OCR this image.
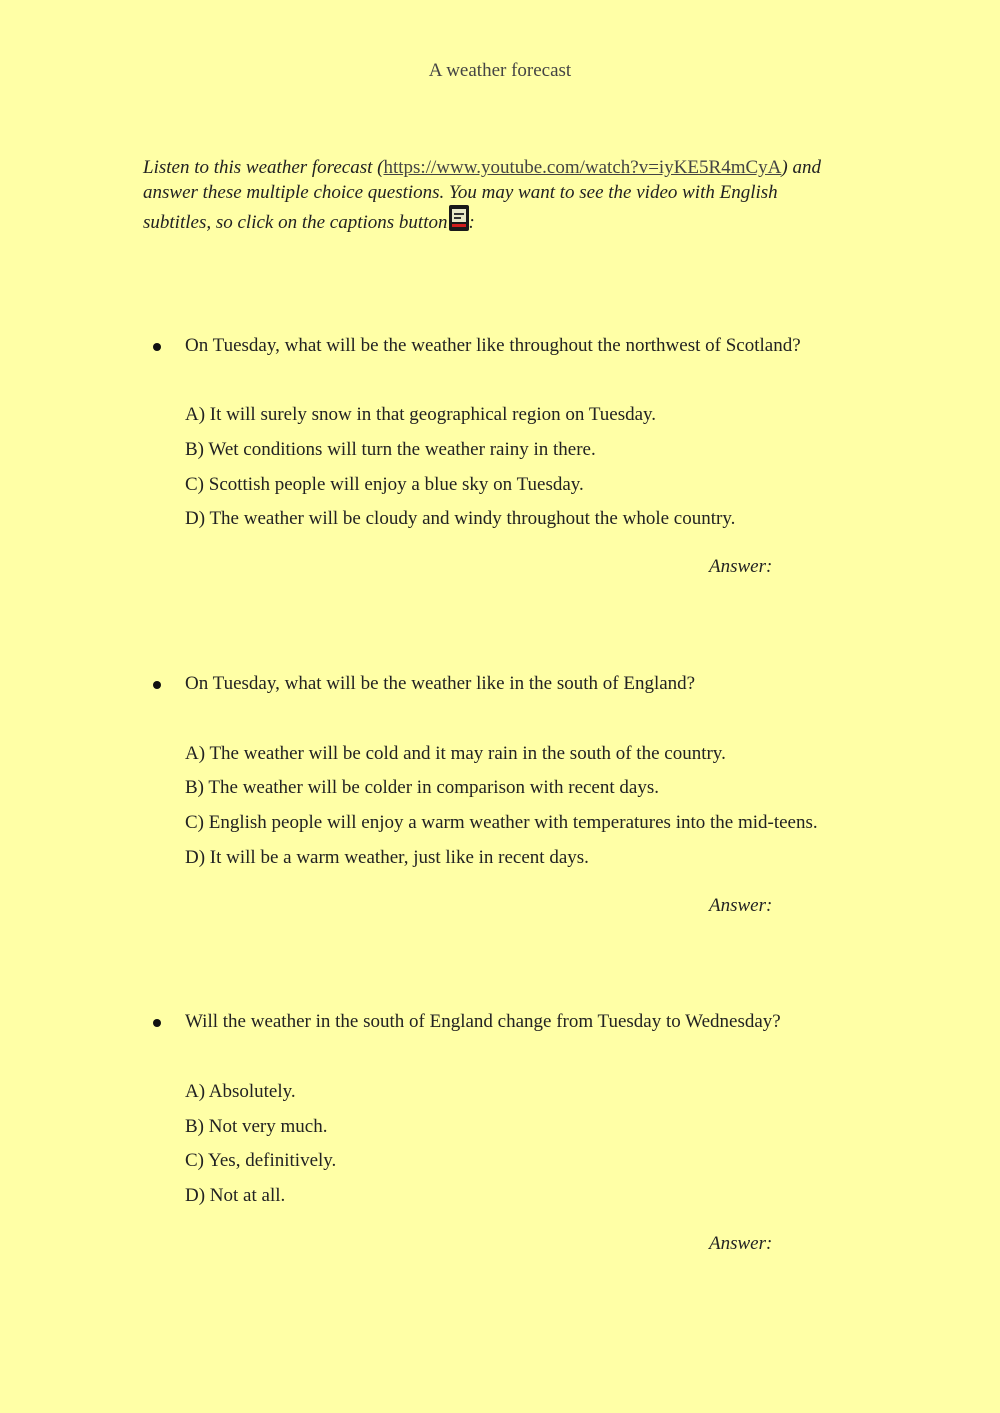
A weather forecast
Listen to this weather forecast (https://www.youtube.com/watch?v=iyKE5R4mCyA) and answer these multiple choice questions. You may want to see the video with English subtitles, so click on the captions button :
On Tuesday, what will be the weather like throughout the northwest of Scotland?
A) It will surely snow in that geographical region on Tuesday.
B) Wet conditions will turn the weather rainy in there.
C) Scottish people will enjoy a blue sky on Tuesday.
D) The weather will be cloudy and windy throughout the whole country.
Answer:
On Tuesday, what will be the weather like in the south of England?
A) The weather will be cold and it may rain in the south of the country.
B) The weather will be colder in comparison with recent days.
C) English people will enjoy a warm weather with temperatures into the mid-teens.
D) It will be a warm weather, just like in recent days.
Answer:
Will the weather in the south of England change from Tuesday to Wednesday?
A) Absolutely.
B) Not very much.
C) Yes, definitively.
D) Not at all.
Answer:
